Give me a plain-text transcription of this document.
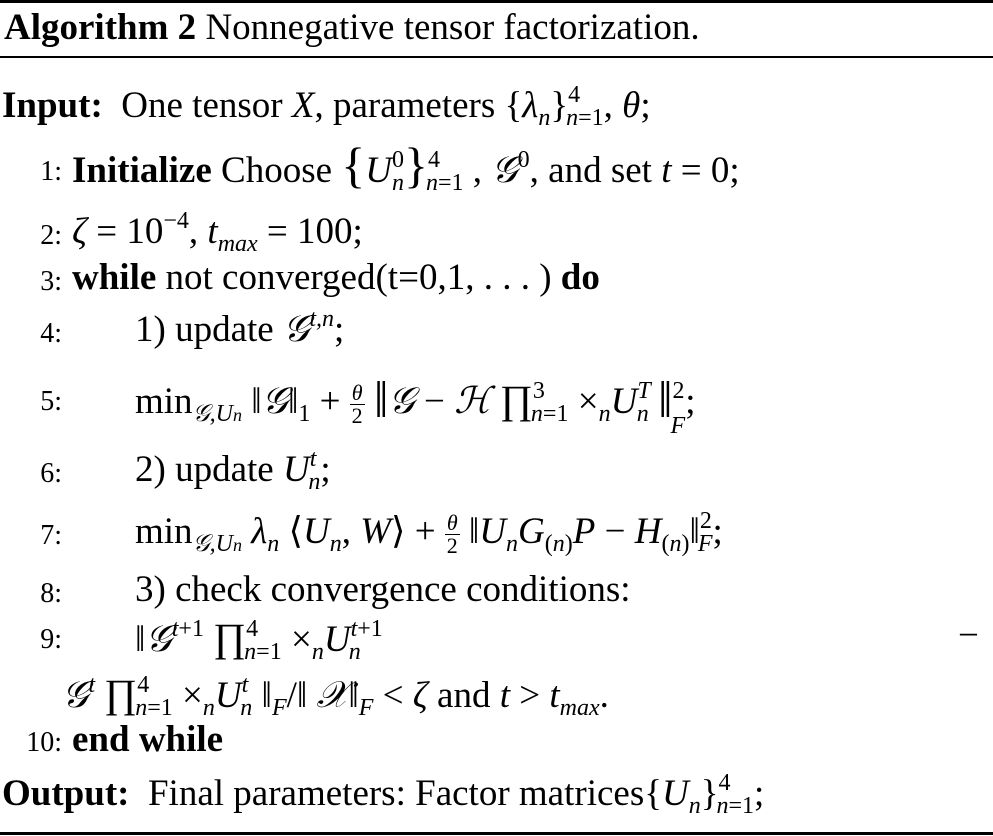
Algorithm 2 Nonnegative tensor factorization.
Input:  One tensor X, parameters $\{\lambda_n\}^4_{n=1}$, θ;
1: Initialize Choose $\{U^0_n\}^4_{n=1}$ , 𝒢$^0$, and set t = 0;
2: $\zeta = 10^{-4}$, $t_{max} = 100$;
3: while not converged(t=0,1, . . . ) do
4: 1) update 𝒢$^{t,n}$;
5: $\min_{𝒢,Un}$ $‖𝒢‖_1 + \frac{\theta}{2}$ ‖𝒢 − ℋ ∏$^3_{n=1}$ $\times_nU^T_n$ ‖$^2_F$;
6: 2) update $U^t_n$;
7: $\min_{𝒢,Un} \lambda_n$ $⟨U_n$, W⟩ + $\frac{\theta}{2}$ $‖U_nG_{(n)}P$ − $H_{(n)}‖^2_F$;
8: 3) check convergence conditions:
9: ‖𝒢$^{t+1}$ ∏$^4_{n=1}$ $\times_nU^{t+1}_n$	−
𝒢$^t$ ∏$^4_{n=1}$ $\times_nU^t_n$ $‖_F/‖$ $𝒳‖_F < \zeta$ and $t > t_{max}$.
10: end while
Output:  Final parameters: Factor $matrices\{U_n\}^4_{n=1}$;
